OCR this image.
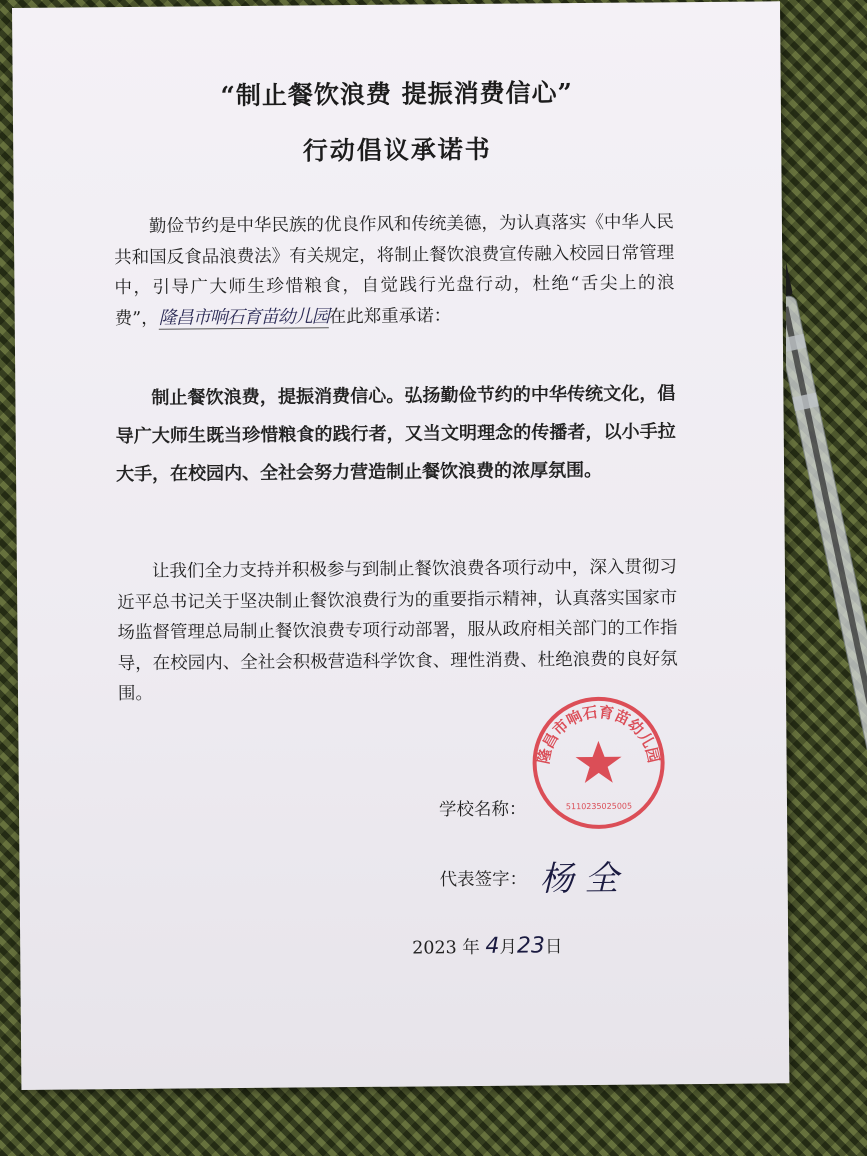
“制止餐饮浪费 提振消费信心”
行动倡议承诺书
勤俭节约是中华民族的优良作风和传统美德，为认真落实《中华人民共和国反食品浪费法》有关规定，将制止餐饮浪费宣传融入校园日常管理中，引导广大师生珍惜粮食，自觉践行光盘行动，杜绝“舌尖上的浪费”，隆昌市响石育苗幼儿园在此郑重承诺：
制止餐饮浪费，提振消费信心。弘扬勤俭节约的中华传统文化，倡导广大师生既当珍惜粮食的践行者，又当文明理念的传播者，以小手拉大手，在校园内、全社会努力营造制止餐饮浪费的浓厚氛围。
让我们全力支持并积极参与到制止餐饮浪费各项行动中，深入贯彻习近平总书记关于坚决制止餐饮浪费行为的重要指示精神，认真落实国家市场监督管理总局制止餐饮浪费专项行动部署，服从政府相关部门的工作指导，在校园内、全社会积极营造科学饮食、理性消费、杜绝浪费的良好氛围。
隆昌市响石育苗幼儿园
5110235025005
学校名称：
代表签字： 杨 全
2023 年 4月23日
